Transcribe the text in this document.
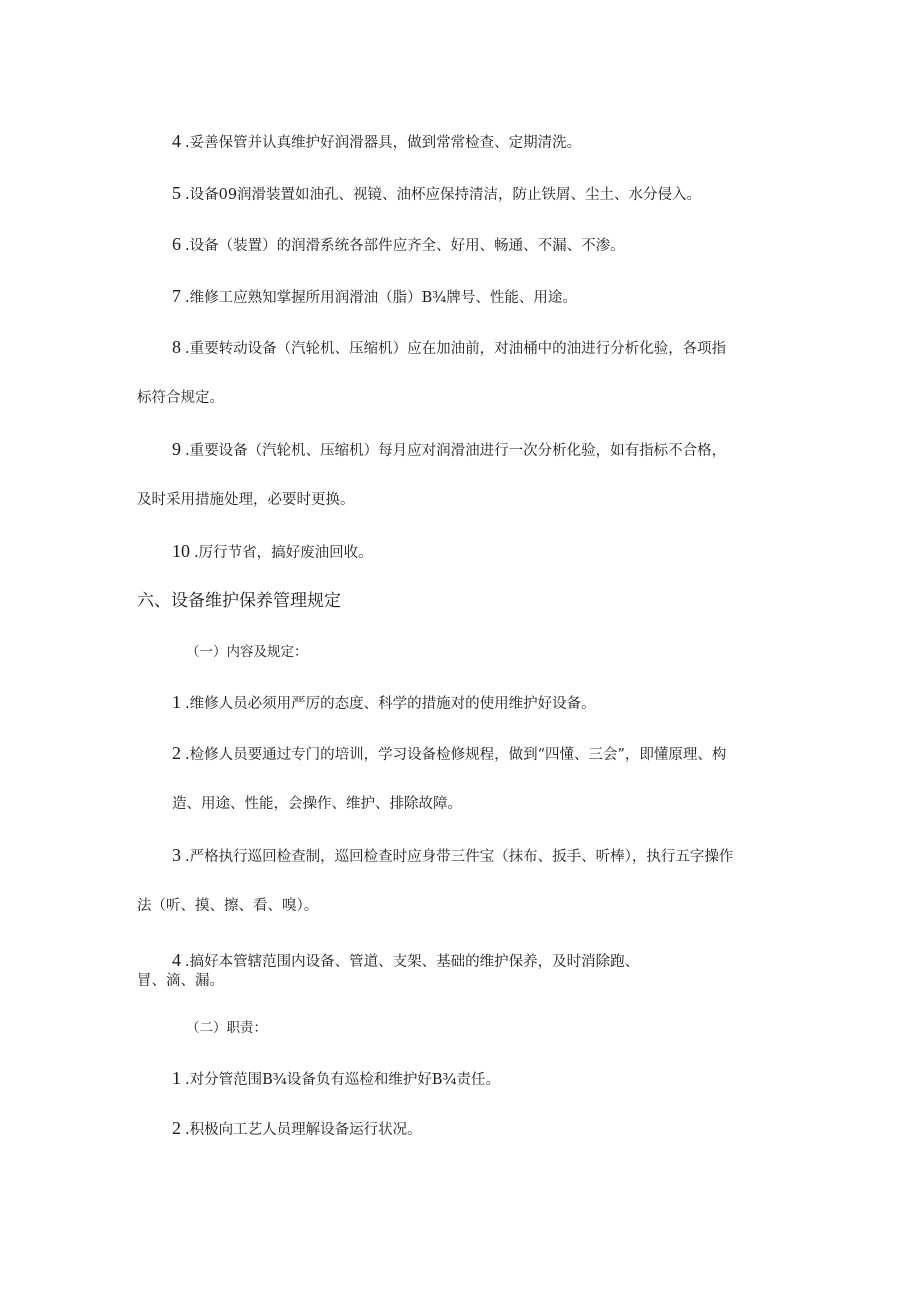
4 .妥善保管并认真维护好润滑器具，做到常常检查、定期清洗。
5 .设备09润滑装置如油孔、视镜、油杯应保持清洁，防止铁屑、尘土、水分侵入。
6 .设备（装置）的润滑系统各部件应齐全、好用、畅通、不漏、不渗。
7 .维修工应熟知掌握所用润滑油（脂）B¾牌号、性能、用途。
8 .重要转动设备（汽轮机、压缩机）应在加油前，对油桶中的油进行分析化验，各项指
标符合规定。
9 .重要设备（汽轮机、压缩机）每月应对润滑油进行一次分析化验，如有指标不合格，
及时采用措施处理，必要时更换。
10 .厉行节省，搞好废油回收。
六、设备维护保养管理规定
（一）内容及规定：
1 .维修人员必须用严厉的态度、科学的措施对的使用维护好设备。
2 .检修人员要通过专门的培训，学习设备检修规程，做到“四懂、三会”，即懂原理、构
造、用途、性能，会操作、维护、排除故障。
3 .严格执行巡回检查制，巡回检查时应身带三件宝（抹布、扳手、听棒），执行五字操作
法（听、摸、擦、看、嗅）。
4 .搞好本管辖范围内设备、管道、支架、基础的维护保养，及时消除跑、
冒、滴、漏。
（二）职责：
1 .对分管范围B¾设备负有巡检和维护好B¾责任。
2 .积极向工艺人员理解设备运行状况。
